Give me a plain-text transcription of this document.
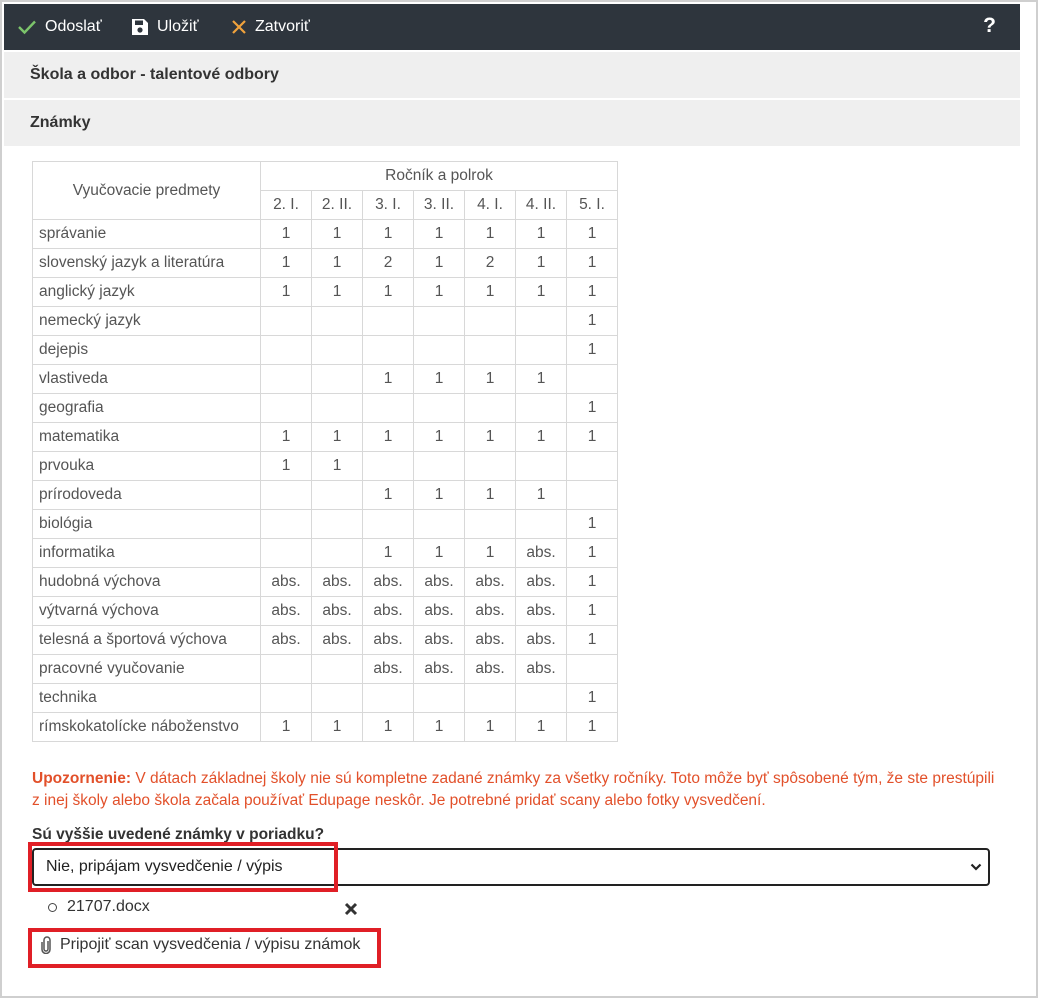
Odoslať	Uložiť	Zatvoriť	?
Škola a odbor - talentové odbory
Známky
Vyučovacie predmety	Ročník a polrok						
	2. I.	2. II.	3. I.	3. II.	4. I.	4. II.	5. I.
správanie	1	1	1	1	1	1	1
slovenský jazyk a literatúra	1	1	2	1	2	1	1
anglický jazyk	1	1	1	1	1	1	1
nemecký jazyk							1
dejepis							1
vlastiveda			1	1	1	1	
geografia							1
matematika	1	1	1	1	1	1	1
prvouka	1	1					
prírodoveda			1	1	1	1	
biológia							1
informatika			1	1	1	abs.	1
hudobná výchova	abs.	abs.	abs.	abs.	abs.	abs.	1
výtvarná výchova	abs.	abs.	abs.	abs.	abs.	abs.	1
telesná a športová výchova	abs.	abs.	abs.	abs.	abs.	abs.	1
pracovné vyučovanie			abs.	abs.	abs.	abs.	
technika							1
rímskokatolícke náboženstvo	1	1	1	1	1	1	1
Upozornenie: V dátach základnej školy nie sú kompletne zadané známky za všetky ročníky. Toto môže byť spôsobené tým, že ste prestúpili z inej školy alebo škola začala používať Edupage neskôr. Je potrebné pridať scany alebo fotky vysvedčení.
Sú vyššie uvedené známky v poriadku?
Nie, pripájam vysvedčenie / výpis
21707.docx
Pripojiť scan vysvedčenia / výpisu známok
